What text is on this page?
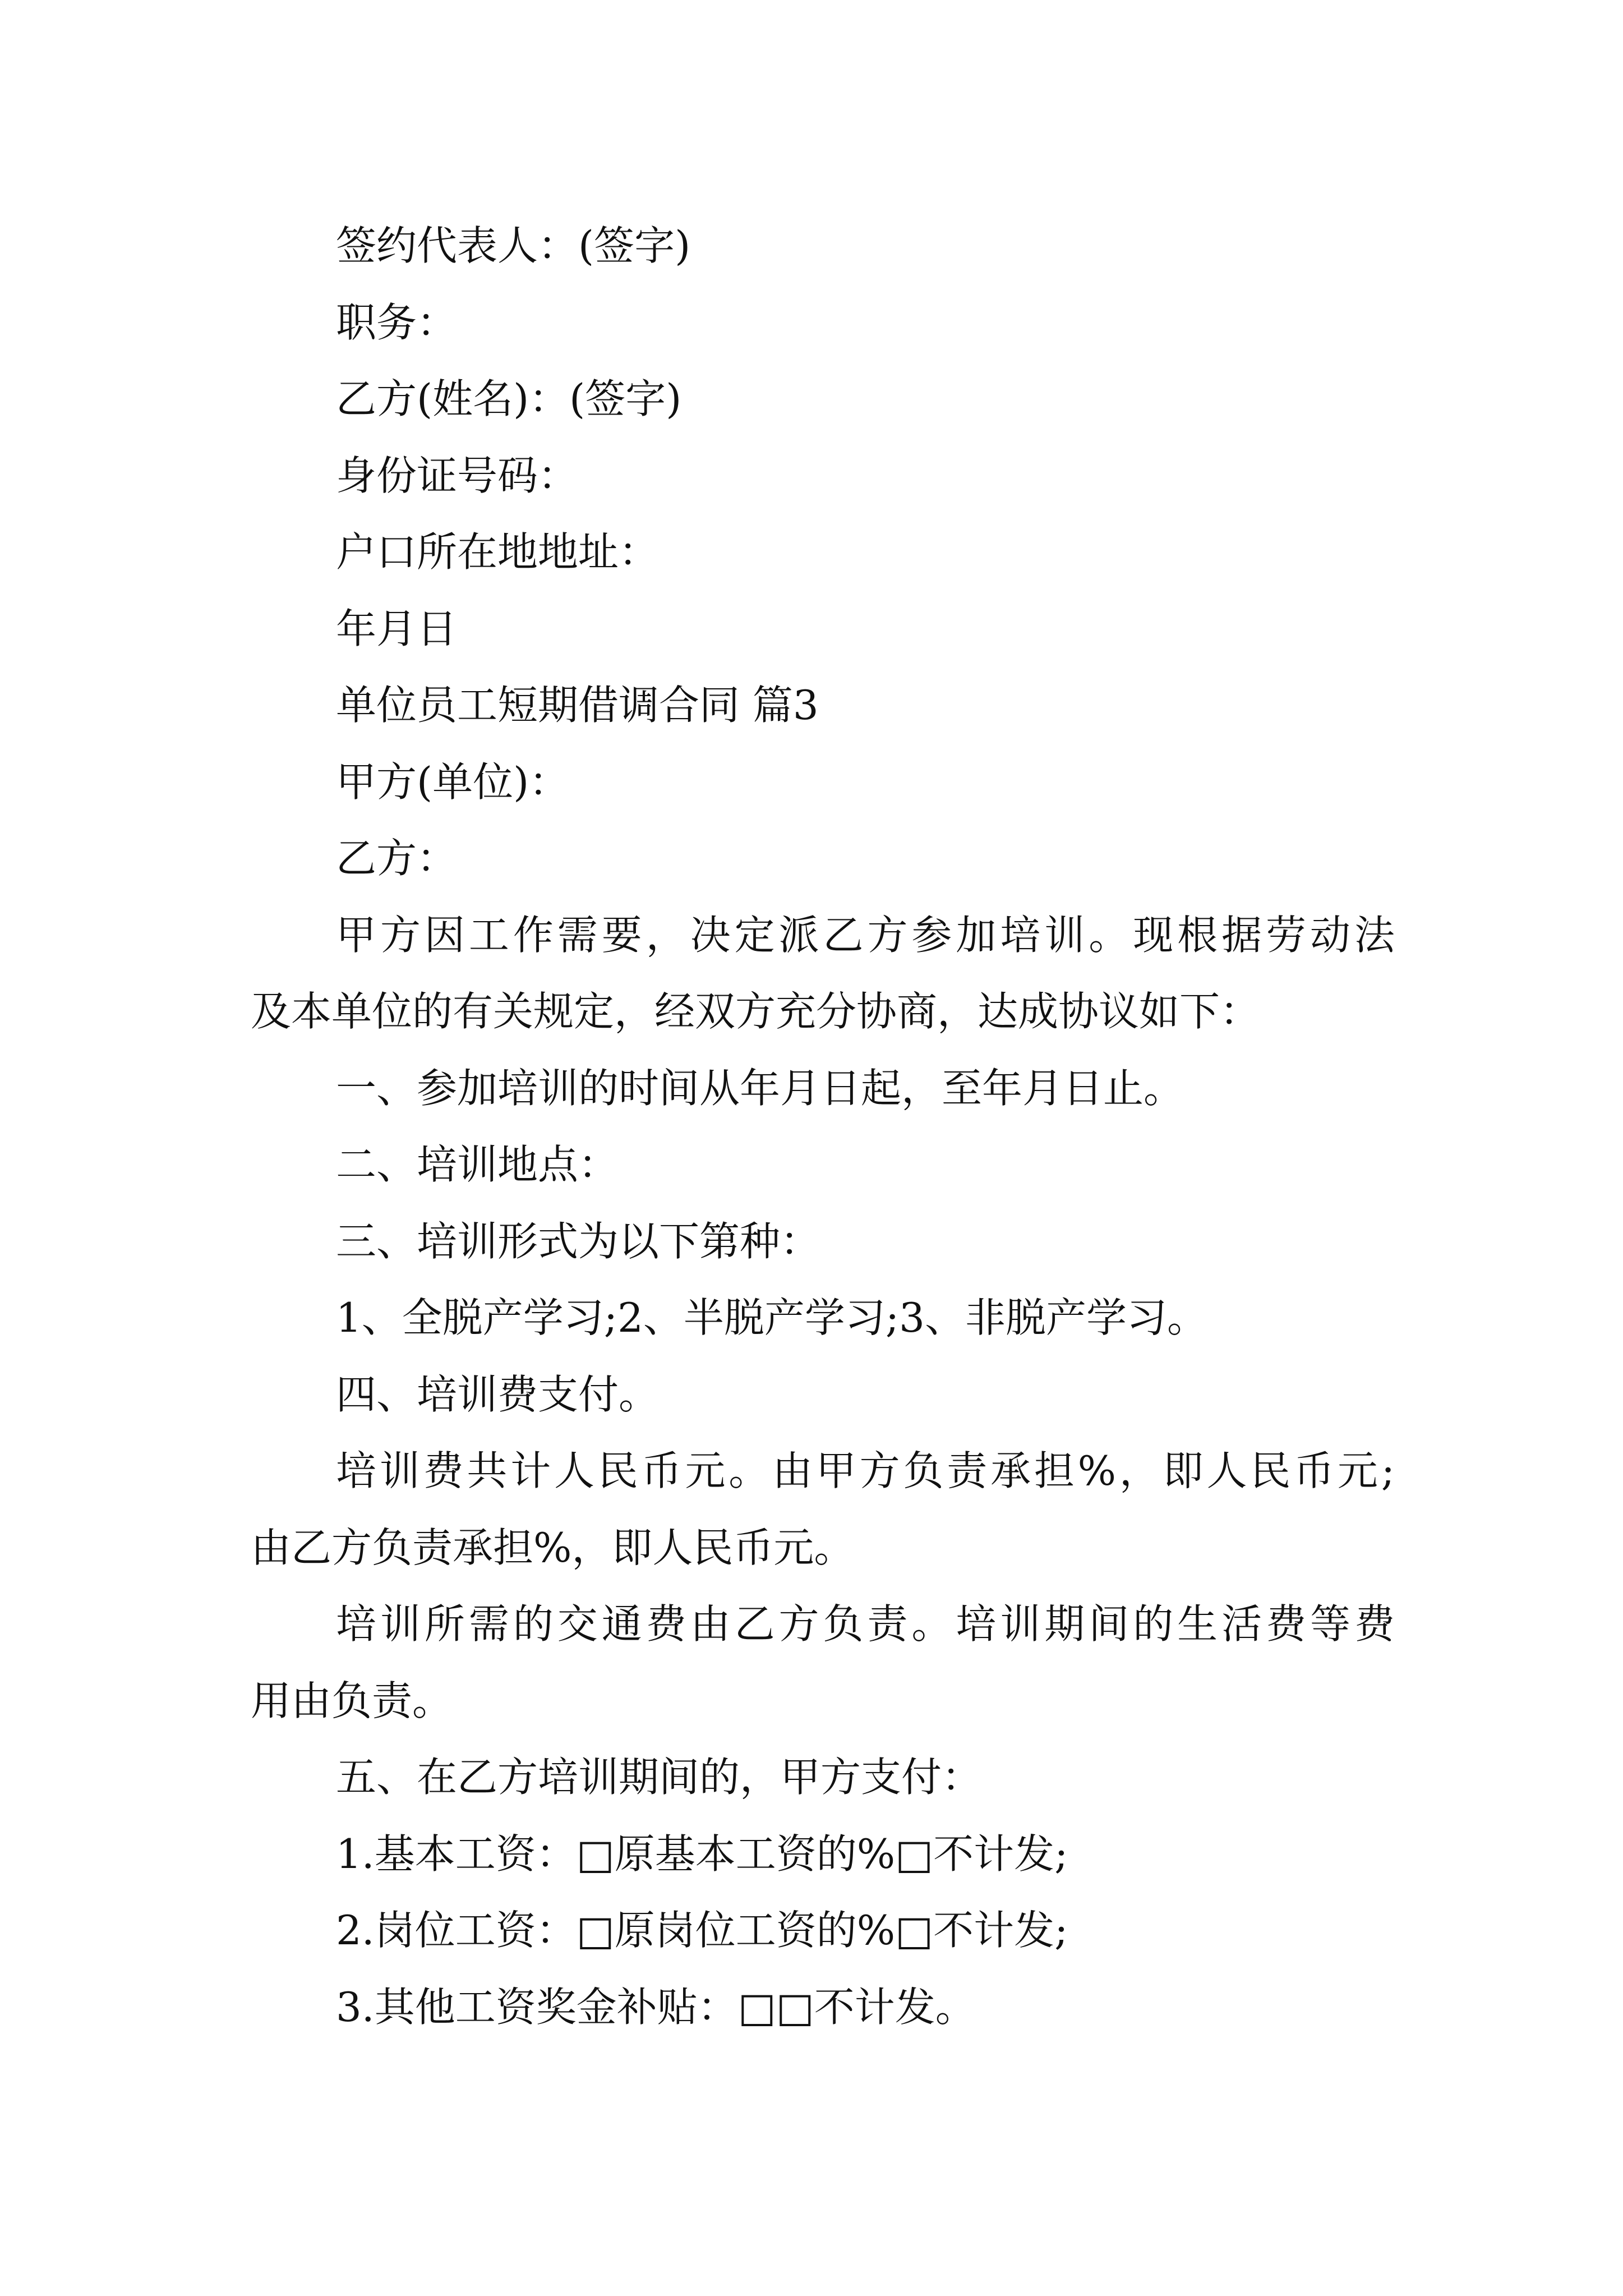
签约代表人：(签字)
职务：
乙方(姓名)：(签字)
身份证号码：
户口所在地地址：
年月日
单位员工短期借调合同 篇3
甲方(单位)：
乙方：
甲方因工作需要，决定派乙方参加培训。现根据劳动法
及本单位的有关规定，经双方充分协商，达成协议如下：
一、参加培训的时间从年月日起，至年月日止。
二、培训地点：
三、培训形式为以下第种：
1、全脱产学习;2、半脱产学习;3、非脱产学习。
四、培训费支付。
培训费共计人民币元。由甲方负责承担%，即人民币元;
由乙方负责承担%，即人民币元。
培训所需的交通费由乙方负责。培训期间的生活费等费
用由负责。
五、在乙方培训期间的，甲方支付：
1.基本工资：□原基本工资的%□不计发;
2.岗位工资：□原岗位工资的%□不计发;
3.其他工资奖金补贴：□□不计发。
